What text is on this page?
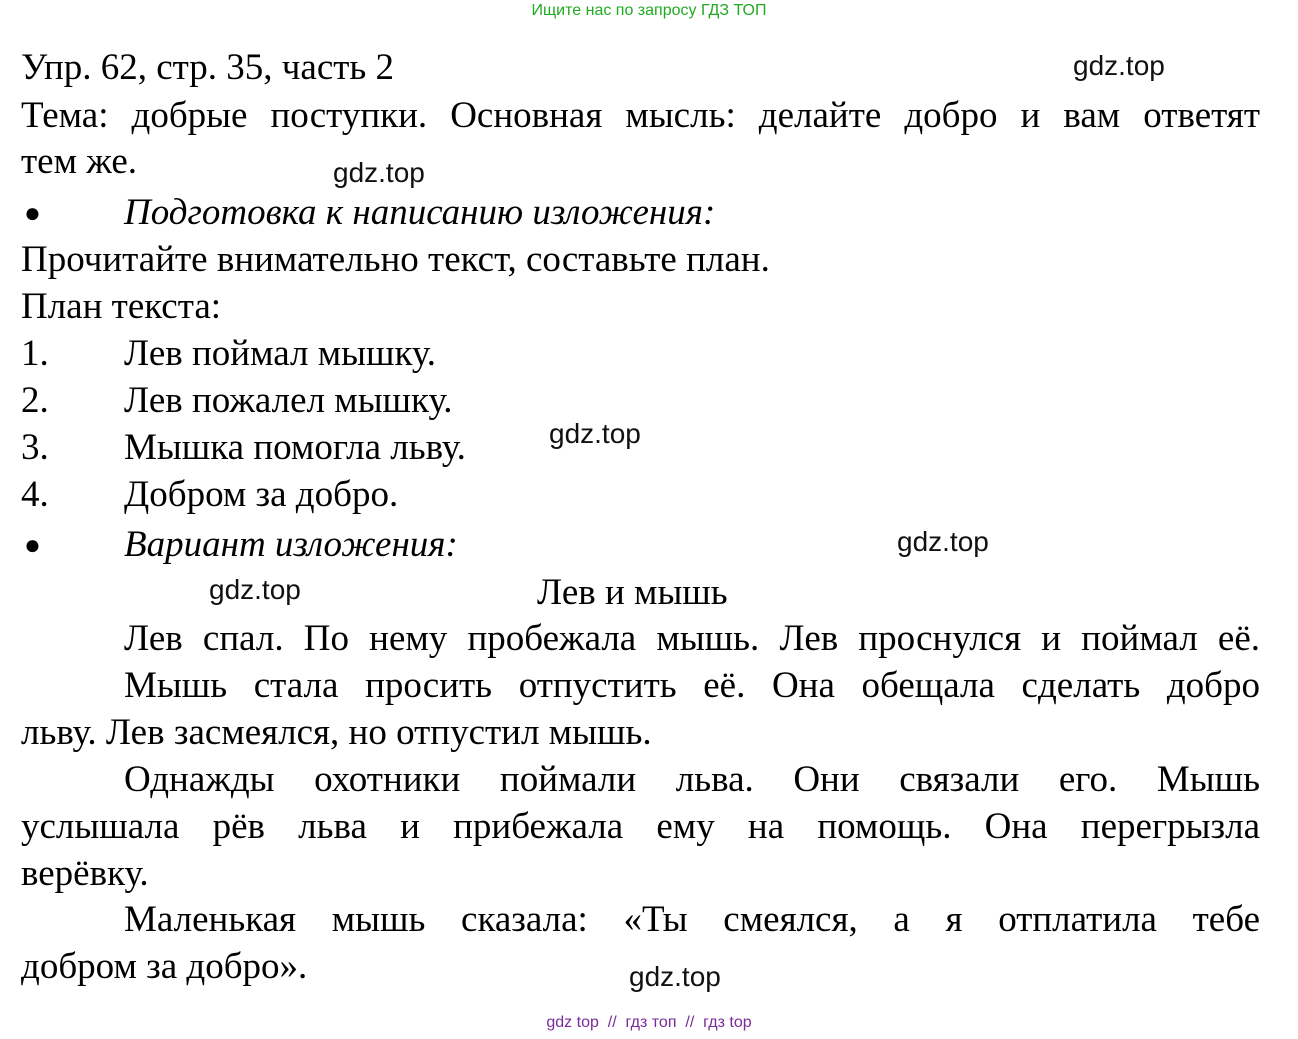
Ищите нас по запросу ГДЗ ТОП
Упр. 62, стр. 35, часть 2
Тема: добрые поступки. Основная мысль: делайте добро и вам ответят
тем же.
● Подготовка к написанию изложения:
Прочитайте внимательно текст, составьте план.
План текста:
1. Лев поймал мышку.
2. Лев пожалел мышку.
3. Мышка помогла льву.
4. Добром за добро.
● Вариант изложения:
Лев и мышь
Лев спал. По нему пробежала мышь. Лев проснулся и поймал её.
Мышь стала просить отпустить её. Она обещала сделать добро
льву. Лев засмеялся, но отпустил мышь.
Однажды охотники поймали льва. Они связали его. Мышь
услышала рёв льва и прибежала ему на помощь. Она перегрызла
верёвку.
Маленькая мышь сказала: «Ты смеялся, а я отплатила тебе
добром за добро».
gdz.top
gdz.top
gdz.top
gdz.top
gdz.top
gdz.top
gdz top  //  гдз топ  //  гдз top
